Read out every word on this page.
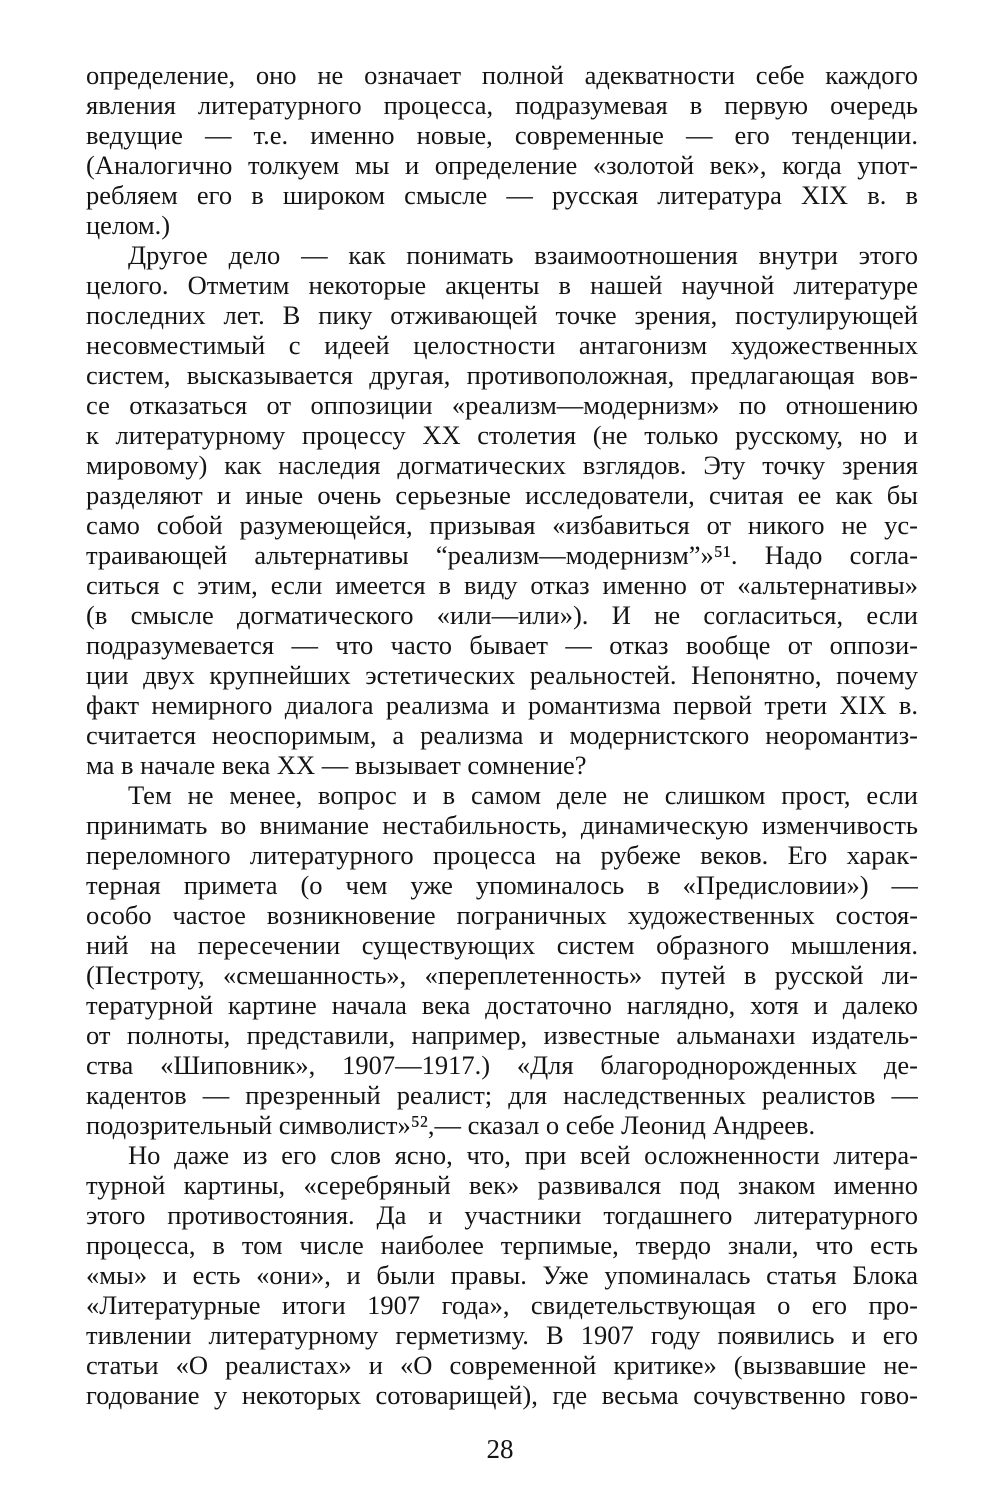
определение, оно не означает полной адекватности себе каждого
явления литературного процесса, подразумевая в первую очередь
ведущие — т.е. именно новые, современные — его тенденции.
(Аналогично толкуем мы и определение «золотой век», когда упот-
ребляем его в широком смысле — русская литература XIX в. в
целом.)
Другое дело — как понимать взаимоотношения внутри этого
целого. Отметим некоторые акценты в нашей научной литературе
последних лет. В пику отживающей точке зрения, постулирующей
несовместимый с идеей целостности антагонизм художественных
систем, высказывается другая, противоположная, предлагающая вов-
се отказаться от оппозиции «реализм—модернизм» по отношению
к литературному процессу XX столетия (не только русскому, но и
мировому) как наследия догматических взглядов. Эту точку зрения
разделяют и иные очень серьезные исследователи, считая ее как бы
само собой разумеющейся, призывая «избавиться от никого не ус-
траивающей альтернативы “реализм—модернизм”»⁵¹. Надо согла-
ситься с этим, если имеется в виду отказ именно от «альтернативы»
(в смысле догматического «или—или»). И не согласиться, если
подразумевается — что часто бывает — отказ вообще от оппози-
ции двух крупнейших эстетических реальностей. Непонятно, почему
факт немирного диалога реализма и романтизма первой трети XIX в.
считается неоспоримым, а реализма и модернистского неоромантиз-
ма в начале века XX — вызывает сомнение?
Тем не менее, вопрос и в самом деле не слишком прост, если
принимать во внимание нестабильность, динамическую изменчивость
переломного литературного процесса на рубеже веков. Его харак-
терная примета (о чем уже упоминалось в «Предисловии») —
особо частое возникновение пограничных художественных состоя-
ний на пересечении существующих систем образного мышления.
(Пестроту, «смешанность», «переплетенность» путей в русской ли-
тературной картине начала века достаточно наглядно, хотя и далеко
от полноты, представили, например, известные альманахи издатель-
ства «Шиповник», 1907—1917.) «Для благороднорожденных де-
кадентов — презренный реалист; для наследственных реалистов —
подозрительный символист»⁵²,— сказал о себе Леонид Андреев.
Но даже из его слов ясно, что, при всей осложненности литера-
турной картины, «серебряный век» развивался под знаком именно
этого противостояния. Да и участники тогдашнего литературного
процесса, в том числе наиболее терпимые, твердо знали, что есть
«мы» и есть «они», и были правы. Уже упоминалась статья Блока
«Литературные итоги 1907 года», свидетельствующая о его про-
тивлении литературному герметизму. В 1907 году появились и его
статьи «О реалистах» и «О современной критике» (вызвавшие не-
годование у некоторых сотоварищей), где весьма сочувственно гово-
28
